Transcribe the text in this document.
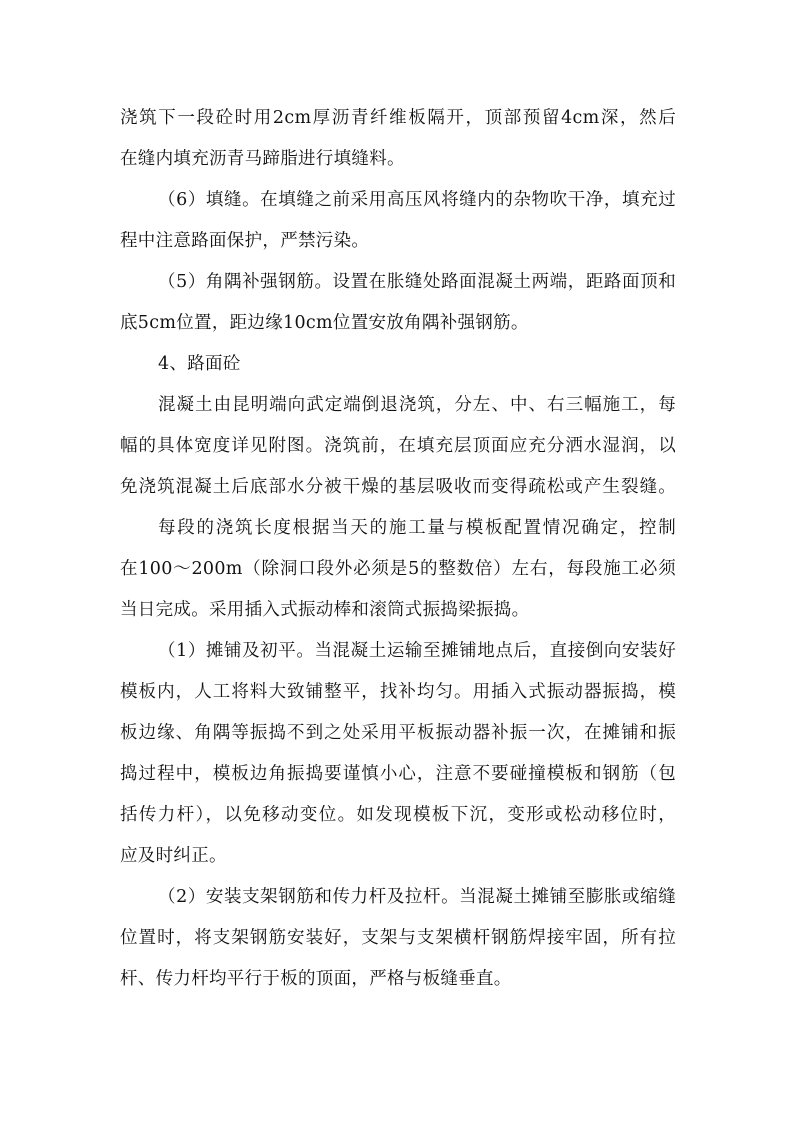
浇筑下一段砼时用2cm厚沥青纤维板隔开，顶部预留4cm深，然后
在缝内填充沥青马蹄脂进行填缝料。

（6）填缝。在填缝之前采用高压风将缝内的杂物吹干净，填充过
程中注意路面保护，严禁污染。

（5）角隅补强钢筋。设置在胀缝处路面混凝土两端，距路面顶和
底5cm位置，距边缘10cm位置安放角隅补强钢筋。

4、路面砼

混凝土由昆明端向武定端倒退浇筑，分左、中、右三幅施工，每
幅的具体宽度详见附图。浇筑前，在填充层顶面应充分洒水湿润，以
免浇筑混凝土后底部水分被干燥的基层吸收而变得疏松或产生裂缝。

每段的浇筑长度根据当天的施工量与模板配置情况确定，控制
在100～200m（除洞口段外必须是5的整数倍）左右，每段施工必须
当日完成。采用插入式振动棒和滚筒式振捣梁振捣。

（1）摊铺及初平。当混凝土运输至摊铺地点后，直接倒向安装好
模板内，人工将料大致铺整平，找补均匀。用插入式振动器振捣，模
板边缘、角隅等振捣不到之处采用平板振动器补振一次，在摊铺和振
捣过程中，模板边角振捣要谨慎小心，注意不要碰撞模板和钢筋（包
括传力杆），以免移动变位。如发现模板下沉，变形或松动移位时，
应及时纠正。

（2）安装支架钢筋和传力杆及拉杆。当混凝土摊铺至膨胀或缩缝
位置时，将支架钢筋安装好，支架与支架横杆钢筋焊接牢固，所有拉
杆、传力杆均平行于板的顶面，严格与板缝垂直。
